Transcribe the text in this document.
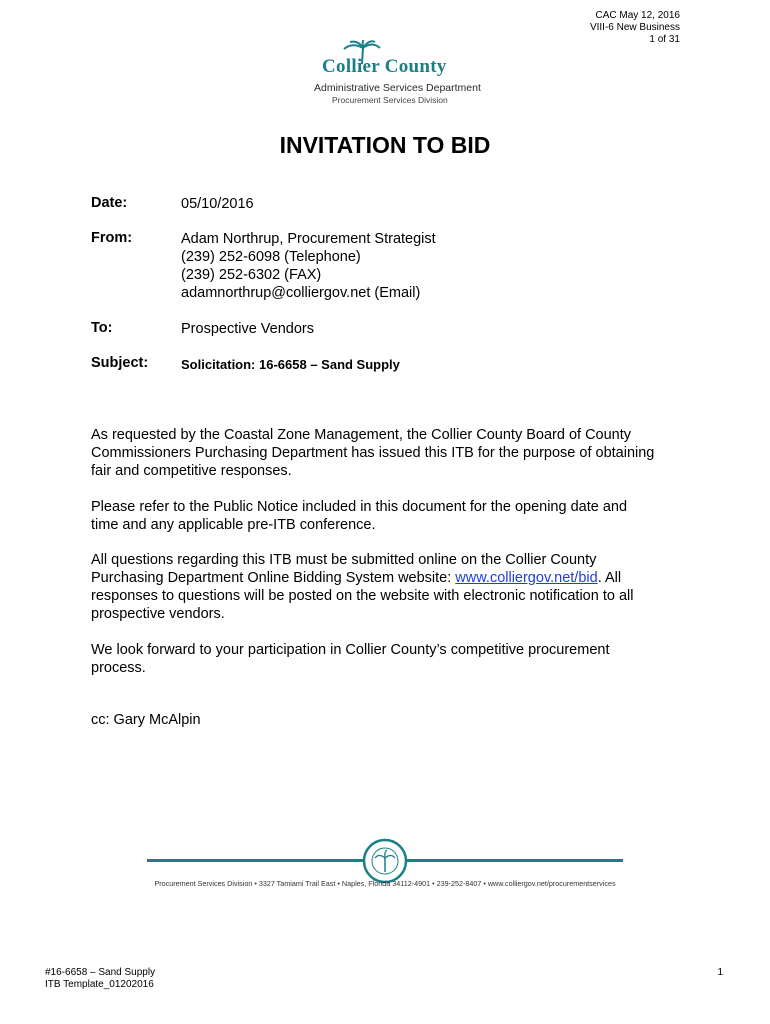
CAC May 12, 2016
VIII-6 New Business
1 of 31
Collier County
Administrative Services Department
Procurement Services Division
INVITATION TO BID
Date:	05/10/2016
From:	Adam Northrup, Procurement Strategist
(239) 252-6098 (Telephone)
(239) 252-6302 (FAX)
adamnorthrup@colliergov.net (Email)
To:	Prospective Vendors
Subject:	Solicitation: 16-6658 – Sand Supply
As requested by the Coastal Zone Management, the Collier County Board of County
Commissioners Purchasing Department has issued this ITB for the purpose of obtaining
fair and competitive responses.
Please refer to the Public Notice included in this document for the opening date and
time and any applicable pre-ITB conference.
All questions regarding this ITB must be submitted online on the Collier County
Purchasing Department Online Bidding System website: www.colliergov.net/bid. All
responses to questions will be posted on the website with electronic notification to all
prospective vendors.
We look forward to your participation in Collier County’s competitive procurement
process.
cc: Gary McAlpin
Procurement Services Division • 3327 Tamiami Trail East • Naples, Florida 34112-4901 • 239-252-8407 • www.colliergov.net/procurementservices
#16-6658 – Sand Supply
ITB Template_01202016
1
